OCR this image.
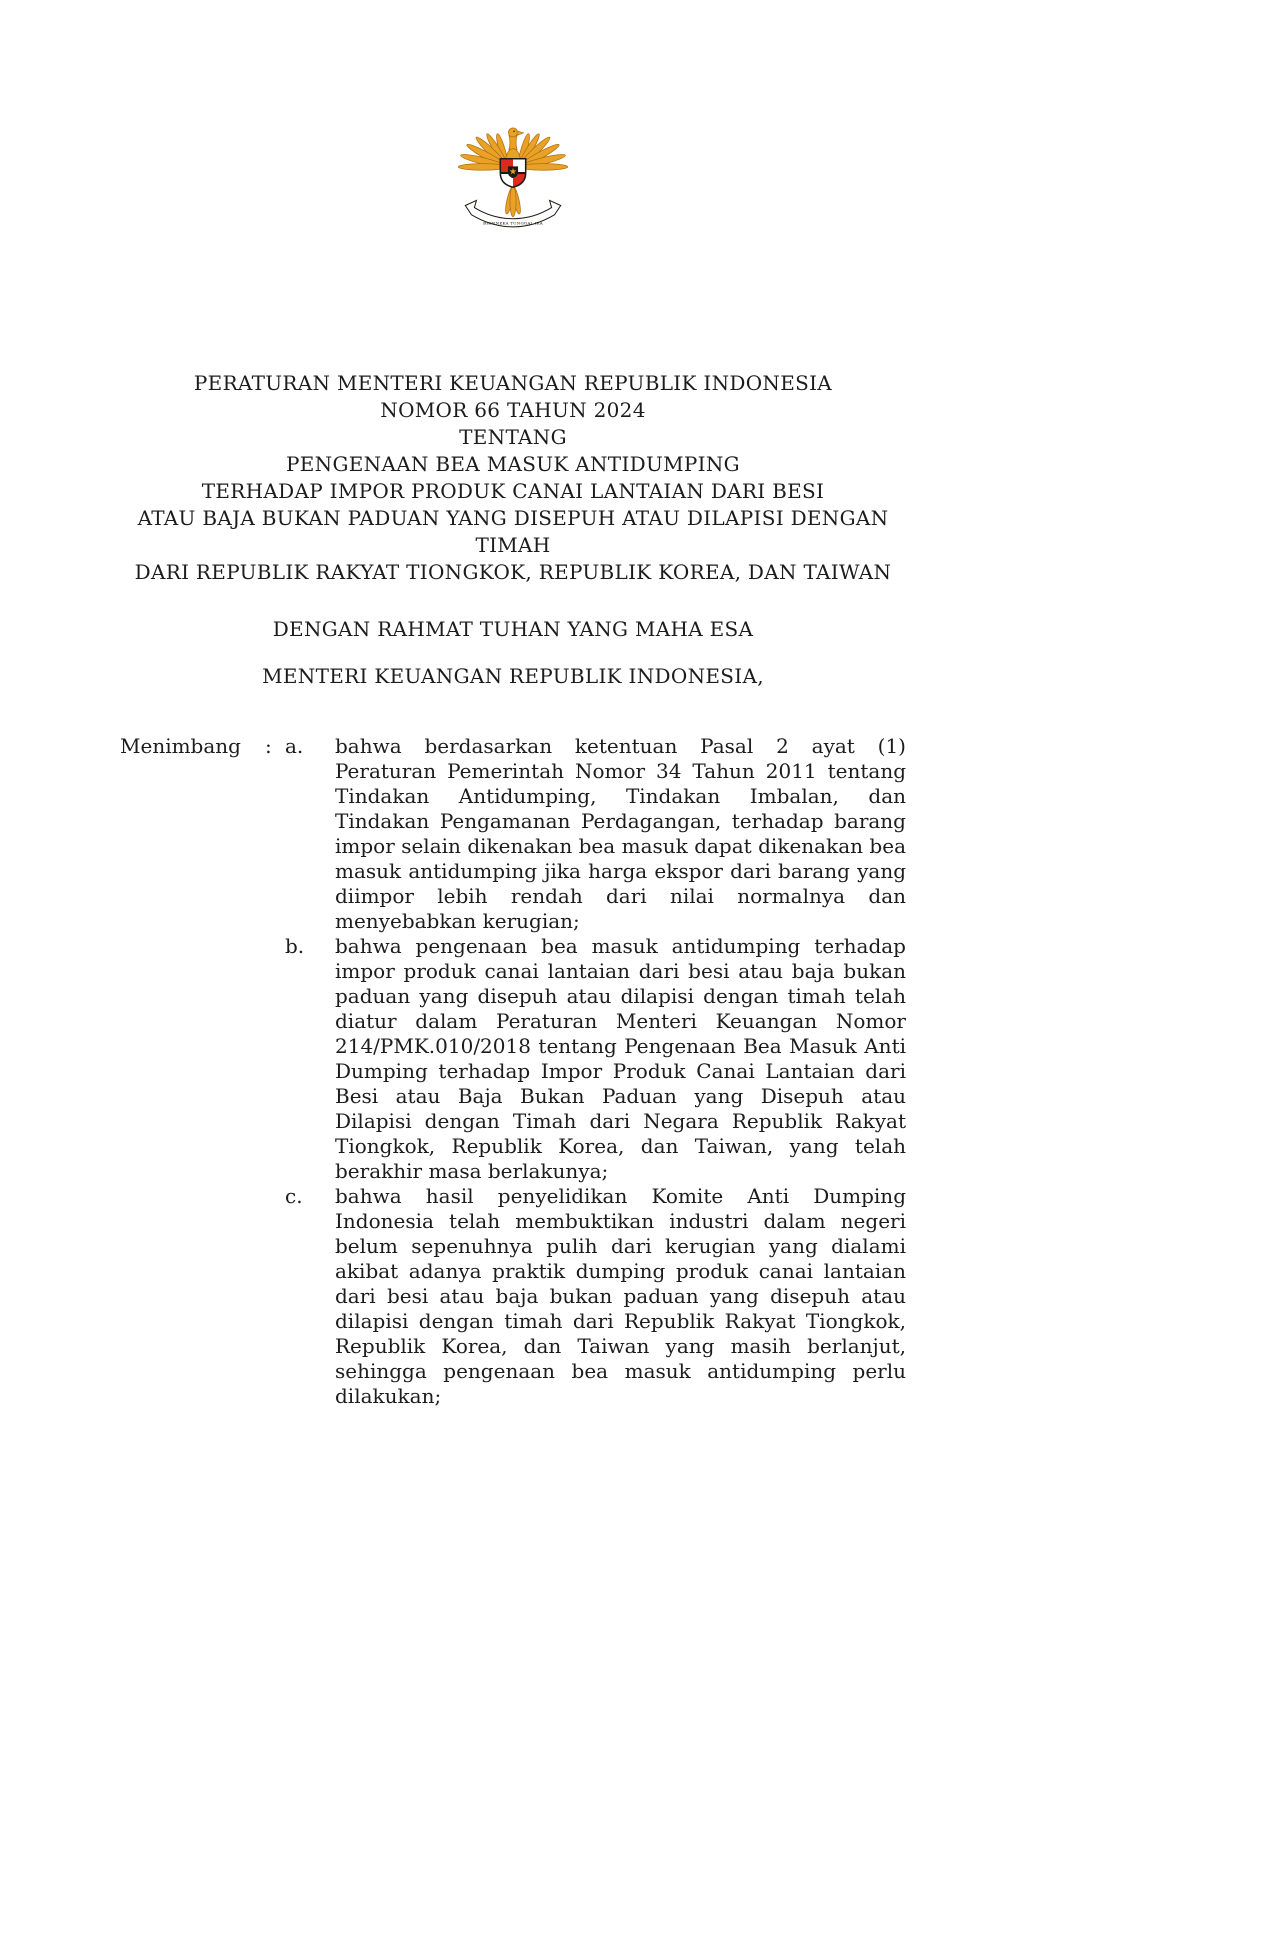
BHINNEKA TUNGGAL IKA
PERATURAN MENTERI KEUANGAN REPUBLIK INDONESIA
NOMOR 66 TAHUN 2024
TENTANG
PENGENAAN BEA MASUK ANTIDUMPING
TERHADAP IMPOR PRODUK CANAI LANTAIAN DARI BESI
ATAU BAJA BUKAN PADUAN YANG DISEPUH ATAU DILAPISI DENGAN TIMAH
DARI REPUBLIK RAKYAT TIONGKOK, REPUBLIK KOREA, DAN TAIWAN
DENGAN RAHMAT TUHAN YANG MAHA ESA
MENTERI KEUANGAN REPUBLIK INDONESIA,
Menimbang	: a.	bahwa berdasarkan ketentuan Pasal 2 ayat (1) Peraturan Pemerintah Nomor 34 Tahun 2011 tentang Tindakan Antidumping, Tindakan Imbalan, dan Tindakan Pengamanan Perdagangan, terhadap barang impor selain dikenakan bea masuk dapat dikenakan bea masuk antidumping jika harga ekspor dari barang yang diimpor lebih rendah dari nilai normalnya dan menyebabkan kerugian;
b.	bahwa pengenaan bea masuk antidumping terhadap impor produk canai lantaian dari besi atau baja bukan paduan yang disepuh atau dilapisi dengan timah telah diatur dalam Peraturan Menteri Keuangan Nomor 214/PMK.010/2018 tentang Pengenaan Bea Masuk Anti Dumping terhadap Impor Produk Canai Lantaian dari Besi atau Baja Bukan Paduan yang Disepuh atau Dilapisi dengan Timah dari Negara Republik Rakyat Tiongkok, Republik Korea, dan Taiwan, yang telah berakhir masa berlakunya;
c.	bahwa hasil penyelidikan Komite Anti Dumping Indonesia telah membuktikan industri dalam negeri belum sepenuhnya pulih dari kerugian yang dialami akibat adanya praktik dumping produk canai lantaian dari besi atau baja bukan paduan yang disepuh atau dilapisi dengan timah dari Republik Rakyat Tiongkok, Republik Korea, dan Taiwan yang masih berlanjut, sehingga pengenaan bea masuk antidumping perlu dilakukan;
